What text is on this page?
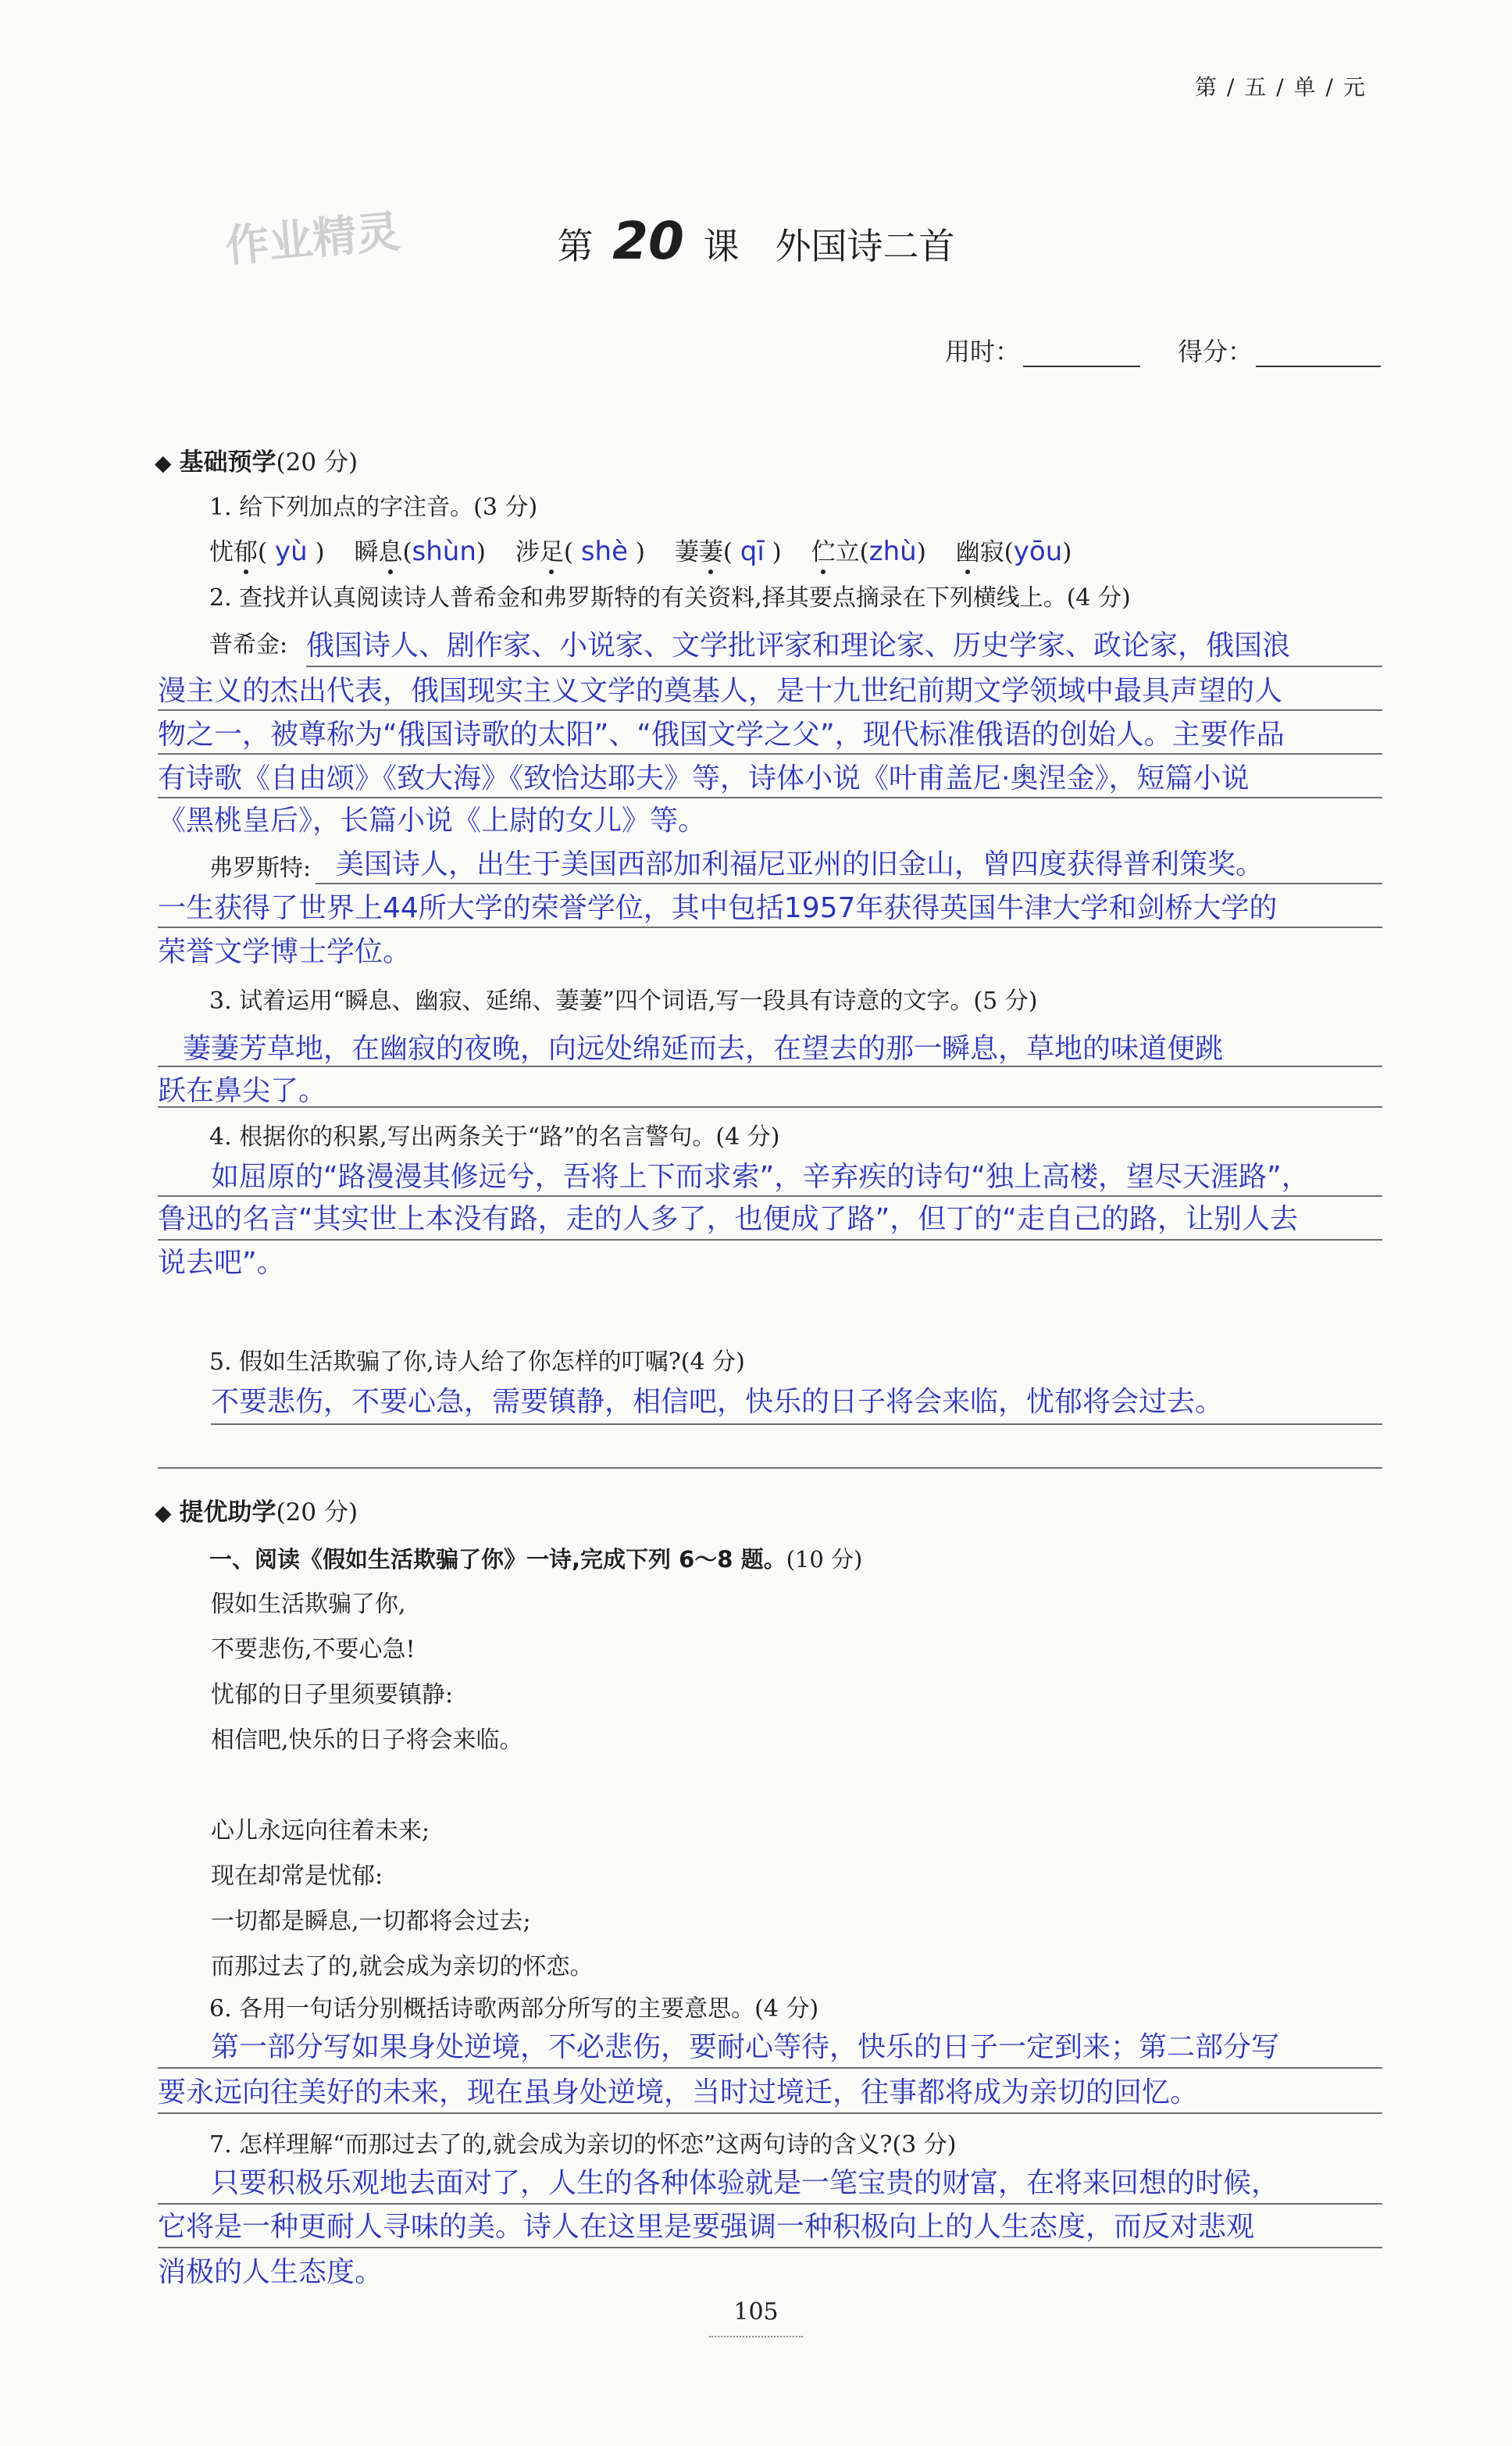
第 / 五 / 单 / 元
作业精灵	第 20 课　外国诗二首
用时：	得分：
◆ 基础预学(20 分)
1. 给下列加点的字注音。(3 分)
忧郁( yù ) 瞬息(shùn) 涉足( shè ) 萋萋( qī ) 伫立(zhù) 幽寂(yōu)
2. 查找并认真阅读诗人普希金和弗罗斯特的有关资料,择其要点摘录在下列横线上。(4 分)
普希金: 俄国诗人、剧作家、小说家、文学批评家和理论家、历史学家、政论家，俄国浪
漫主义的杰出代表，俄国现实主义文学的奠基人，是十九世纪前期文学领域中最具声望的人
物之一，被尊称为“俄国诗歌的太阳”、“俄国文学之父”，现代标准俄语的创始人。主要作品
有诗歌《自由颂》《致大海》《致恰达耶夫》等，诗体小说《叶甫盖尼·奥涅金》，短篇小说
《黑桃皇后》，长篇小说《上尉的女儿》等。
弗罗斯特: 美国诗人，出生于美国西部加利福尼亚州的旧金山，曾四度获得普利策奖。
一生获得了世界上44所大学的荣誉学位，其中包括1957年获得英国牛津大学和剑桥大学的
荣誉文学博士学位。
3. 试着运用“瞬息、幽寂、延绵、萋萋”四个词语,写一段具有诗意的文字。(5 分)
萋萋芳草地，在幽寂的夜晚，向远处绵延而去，在望去的那一瞬息，草地的味道便跳
跃在鼻尖了。
4. 根据你的积累,写出两条关于“路”的名言警句。(4 分)
如屈原的“路漫漫其修远兮，吾将上下而求索”，辛弃疾的诗句“独上高楼，望尽天涯路”，
鲁迅的名言“其实世上本没有路，走的人多了，也便成了路”，但丁的“走自己的路，让别人去
说去吧”。
5. 假如生活欺骗了你,诗人给了你怎样的叮嘱?(4 分)
不要悲伤，不要心急，需要镇静，相信吧，快乐的日子将会来临，忧郁将会过去。
◆ 提优助学(20 分)
一、阅读《假如生活欺骗了你》一诗,完成下列 6～8 题。(10 分)
假如生活欺骗了你,
不要悲伤,不要心急!
忧郁的日子里须要镇静:
相信吧,快乐的日子将会来临。
心儿永远向往着未来;
现在却常是忧郁:
一切都是瞬息,一切都将会过去;
而那过去了的,就会成为亲切的怀恋。
6. 各用一句话分别概括诗歌两部分所写的主要意思。(4 分)
第一部分写如果身处逆境，不必悲伤，要耐心等待，快乐的日子一定到来；第二部分写
要永远向往美好的未来，现在虽身处逆境，当时过境迁，往事都将成为亲切的回忆。
7. 怎样理解“而那过去了的,就会成为亲切的怀恋”这两句诗的含义?(3 分)
只要积极乐观地去面对了，人生的各种体验就是一笔宝贵的财富，在将来回想的时候，
它将是一种更耐人寻味的美。诗人在这里是要强调一种积极向上的人生态度，而反对悲观
消极的人生态度。
105
